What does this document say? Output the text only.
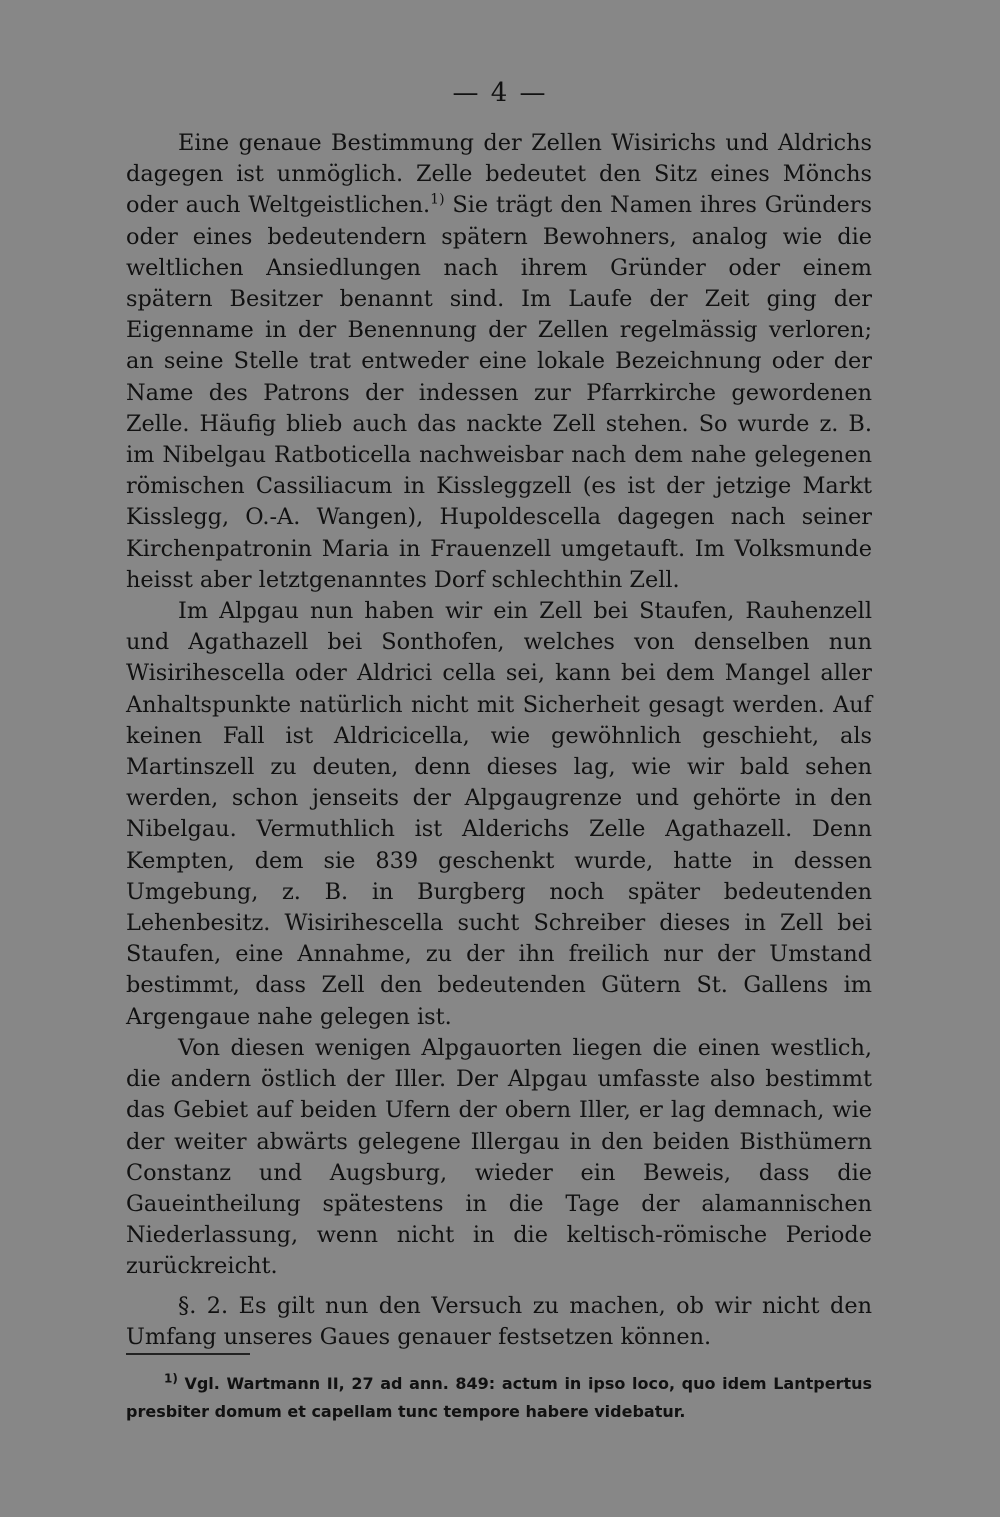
— 4 —

Eine genaue Bestimmung der Zellen Wisirichs und Aldrichs dagegen ist unmöglich. Zelle bedeutet den Sitz eines Mönchs oder auch Weltgeistlichen.$^{1)}$ Sie trägt den Namen ihres Gründers oder eines bedeutendern spätern Bewohners, analog wie die weltlichen Ansiedlungen nach ihrem Gründer oder einem spätern Besitzer benannt sind. Im Laufe der Zeit ging der Eigenname in der Benennung der Zellen regelmässig verloren; an seine Stelle trat entweder eine lokale Bezeichnung oder der Name des Patrons der indessen zur Pfarrkirche gewordenen Zelle. Häufig blieb auch das nackte Zell stehen. So wurde z. B. im Nibelgau Ratboticella nachweisbar nach dem nahe gelegenen römischen Cassiliacum in Kissleggzell (es ist der jetzige Markt Kisslegg, O.-A. Wangen), Hupoldescella dagegen nach seiner Kirchenpatronin Maria in Frauenzell umgetauft. Im Volksmunde heisst aber letztgenanntes Dorf schlechthin Zell.

Im Alpgau nun haben wir ein Zell bei Staufen, Rauhenzell und Agathazell bei Sonthofen, welches von denselben nun Wisirihescella oder Aldrici cella sei, kann bei dem Mangel aller Anhaltspunkte natürlich nicht mit Sicherheit gesagt werden. Auf keinen Fall ist Aldricicella, wie gewöhnlich geschieht, als Martinszell zu deuten, denn dieses lag, wie wir bald sehen werden, schon jenseits der Alpgaugrenze und gehörte in den Nibelgau. Vermuthlich ist Alderichs Zelle Agathazell. Denn Kempten, dem sie 839 geschenkt wurde, hatte in dessen Umgebung, z. B. in Burgberg noch später bedeutenden Lehenbesitz. Wisirihescella sucht Schreiber dieses in Zell bei Staufen, eine Annahme, zu der ihn freilich nur der Umstand bestimmt, dass Zell den bedeutenden Gütern St. Gallens im Argengaue nahe gelegen ist.

Von diesen wenigen Alpgauorten liegen die einen westlich, die andern östlich der Iller. Der Alpgau umfasste also bestimmt das Gebiet auf beiden Ufern der obern Iller, er lag demnach, wie der weiter abwärts gelegene Illergau in den beiden Bisthümern Constanz und Augsburg, wieder ein Beweis, dass die Gaueintheilung spätestens in die Tage der alamannischen Niederlassung, wenn nicht in die keltisch-römische Periode zurückreicht.

§. 2. Es gilt nun den Versuch zu machen, ob wir nicht den Umfang unseres Gaues genauer festsetzen können.

$^{1)}$ Vgl. Wartmann II, 27 ad ann. 849: actum in ipso loco, quo idem Lantpertus presbiter domum et capellam tunc tempore habere videbatur.
